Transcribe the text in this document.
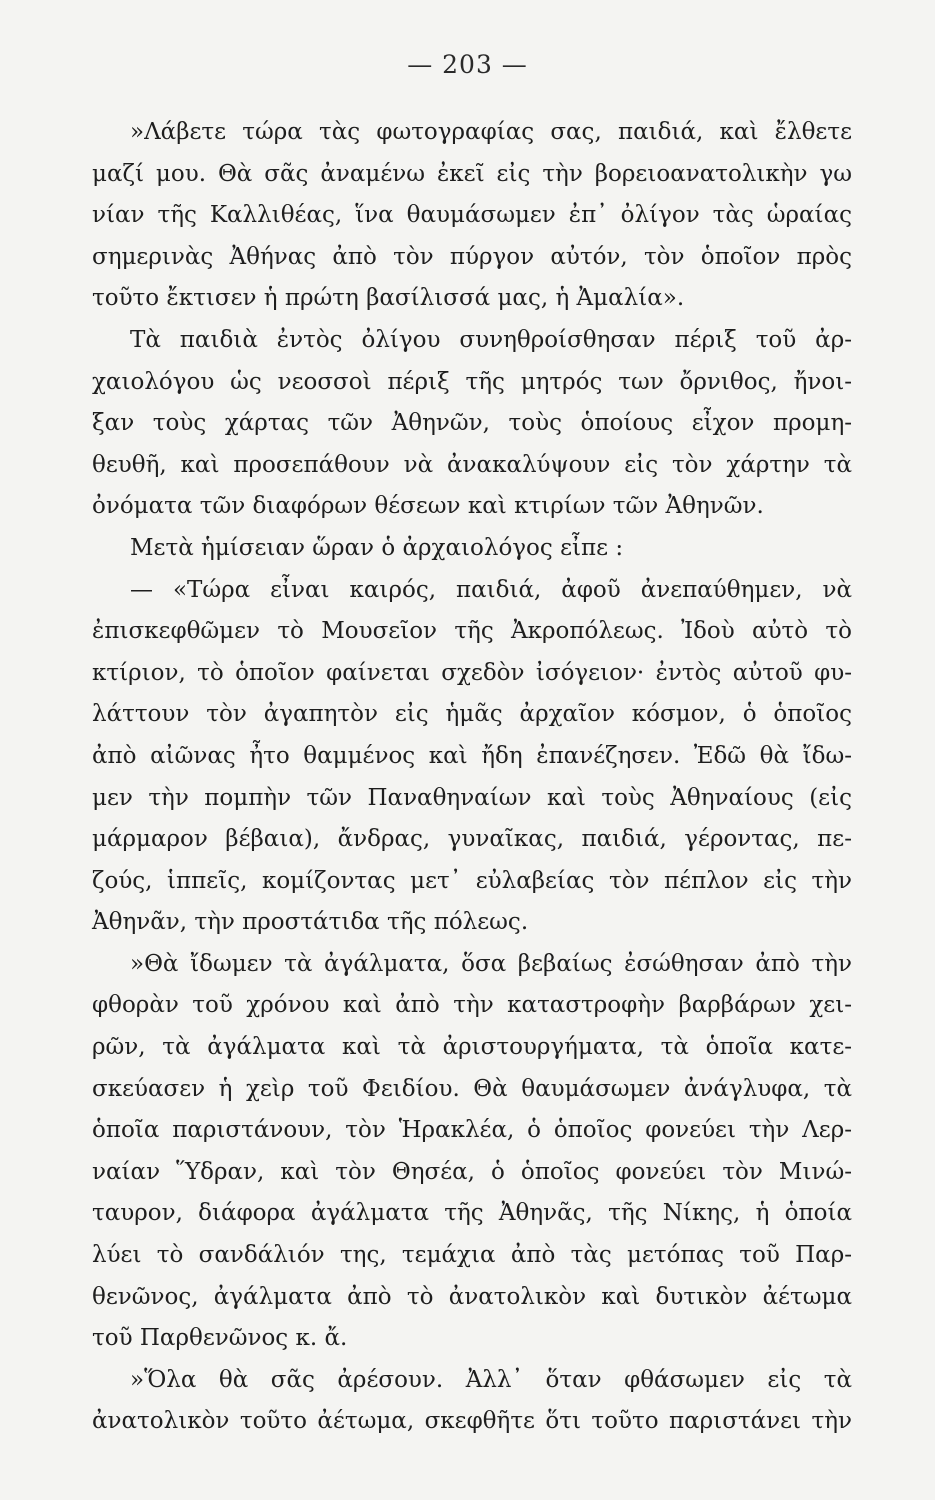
— 203 —
»Λάβετε τώρα τὰς φωτογραφίας σας, παιδιά, καὶ ἔλθετε
μαζί μου. Θὰ σᾶς ἀναμένω ἐκεῖ εἰς τὴν βορειοανατολικὴν γω
νίαν τῆς Καλλιθέας, ἵνα θαυμάσωμεν ἐπ᾽ ὀλίγον τὰς ὡραίας
σημερινὰς Ἀθήνας ἀπὸ τὸν πύργον αὐτόν, τὸν ὁποῖον πρὸς
τοῦτο ἔκτισεν ἡ πρώτη βασίλισσά μας, ἡ Ἀμαλία».
Τὰ παιδιὰ ἐντὸς ὀλίγου συνηθροίσθησαν πέριξ τοῦ ἀρ-
χαιολόγου ὡς νεοσσοὶ πέριξ τῆς μητρός των ὄρνιθος, ἤνοι-
ξαν τοὺς χάρτας τῶν Ἀθηνῶν, τοὺς ὁποίους εἶχον προμη-
θευθῆ, καὶ προσεπάθουν νὰ ἀνακαλύψουν εἰς τὸν χάρτην τὰ
ὀνόματα τῶν διαφόρων θέσεων καὶ κτιρίων τῶν Ἀθηνῶν.
Μετὰ ἡμίσειαν ὥραν ὁ ἀρχαιολόγος εἶπε :
— «Τώρα εἶναι καιρός, παιδιά, ἀφοῦ ἀνεπαύθημεν, νὰ
ἐπισκεφθῶμεν τὸ Μουσεῖον τῆς Ἀκροπόλεως. Ἰδοὺ αὐτὸ τὸ
κτίριον, τὸ ὁποῖον φαίνεται σχεδὸν ἰσόγειον· ἐντὸς αὐτοῦ φυ-
λάττουν τὸν ἀγαπητὸν εἰς ἡμᾶς ἀρχαῖον κόσμον, ὁ ὁποῖος
ἀπὸ αἰῶνας ἦτο θαμμένος καὶ ἤδη ἐπανέζησεν. Ἐδῶ θὰ ἴδω-
μεν τὴν πομπὴν τῶν Παναθηναίων καὶ τοὺς Ἀθηναίους (εἰς
μάρμαρον βέβαια), ἄνδρας, γυναῖκας, παιδιά, γέροντας, πε-
ζούς, ἱππεῖς, κομίζοντας μετ᾽ εὐλαβείας τὸν πέπλον εἰς τὴν
Ἀθηνᾶν, τὴν προστάτιδα τῆς πόλεως.
»Θὰ ἴδωμεν τὰ ἀγάλματα, ὅσα βεβαίως ἐσώθησαν ἀπὸ τὴν
φθορὰν τοῦ χρόνου καὶ ἀπὸ τὴν καταστροφὴν βαρβάρων χει-
ρῶν, τὰ ἀγάλματα καὶ τὰ ἀριστουργήματα, τὰ ὁποῖα κατε-
σκεύασεν ἡ χεὶρ τοῦ Φειδίου. Θὰ θαυμάσωμεν ἀνάγλυφα, τὰ
ὁποῖα παριστάνουν, τὸν Ἡρακλέα, ὁ ὁποῖος φονεύει τὴν Λερ-
ναίαν Ὕδραν, καὶ τὸν Θησέα, ὁ ὁποῖος φονεύει τὸν Μινώ-
ταυρον, διάφορα ἀγάλματα τῆς Ἀθηνᾶς, τῆς Νίκης, ἡ ὁποία
λύει τὸ σανδάλιόν της, τεμάχια ἀπὸ τὰς μετόπας τοῦ Παρ-
θενῶνος, ἀγάλματα ἀπὸ τὸ ἀνατολικὸν καὶ δυτικὸν ἀέτωμα
τοῦ Παρθενῶνος κ. ἄ.
»Ὅλα θὰ σᾶς ἀρέσουν. Ἀλλ᾽ ὅταν φθάσωμεν εἰς τὰ
ἀνατολικὸν τοῦτο ἀέτωμα, σκεφθῆτε ὅτι τοῦτο παριστάνει τὴν
